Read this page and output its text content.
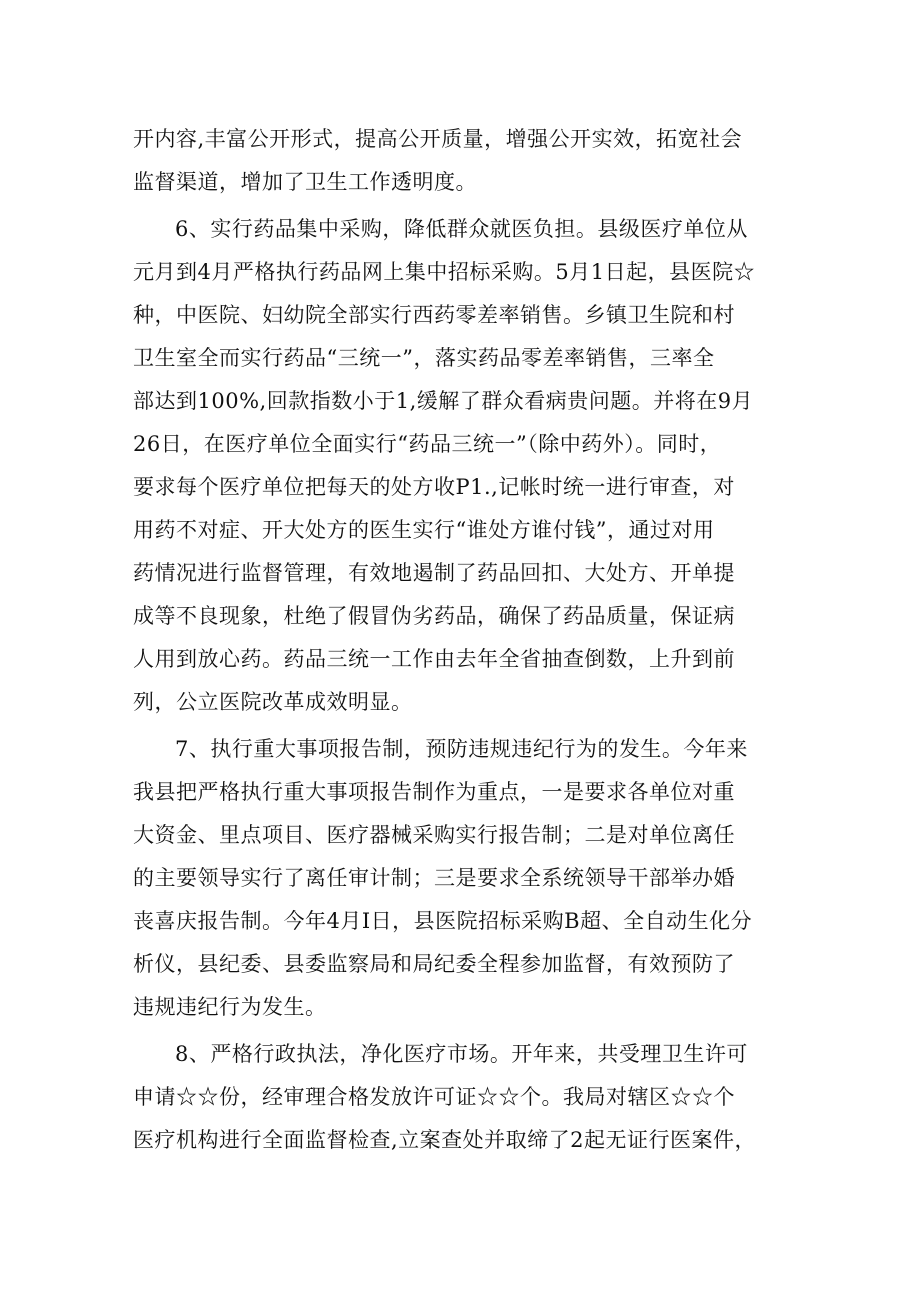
开内容,丰富公开形式，提高公开质量，增强公开实效，拓宽社会
监督渠道，增加了卫生工作透明度。
6、实行药品集中采购，降低群众就医负担。县级医疗单位从
元月到4月严格执行药品网上集中招标采购。5月1日起，县医院☆
种，中医院、妇幼院全部实行西药零差率销售。乡镇卫生院和村
卫生室全而实行药品“三统一”，落实药品零差率销售，三率全
部达到100%,回款指数小于1,缓解了群众看病贵问题。并将在9月
26日，在医疗单位全面实行“药品三统一”（除中药外）。同时，
要求每个医疗单位把每天的处方收P1.,记帐时统一进行审查，对
用药不对症、开大处方的医生实行“谁处方谁付钱”，通过对用
药情况进行监督管理，有效地遏制了药品回扣、大处方、开单提
成等不良现象，杜绝了假冒伪劣药品，确保了药品质量，保证病
人用到放心药。药品三统一工作由去年全省抽查倒数，上升到前
列，公立医院改革成效明显。
7、执行重大事项报告制，预防违规违纪行为的发生。今年来
我县把严格执行重大事项报告制作为重点，一是要求各单位对重
大资金、里点项目、医疗器械采购实行报告制；二是对单位离任
的主要领导实行了离任审计制；三是要求全系统领导干部举办婚
丧喜庆报告制。今年4月I日，县医院招标采购B超、全自动生化分
析仪，县纪委、县委监察局和局纪委全程参加监督，有效预防了
违规违纪行为发生。
8、严格行政执法，净化医疗市场。开年来，共受理卫生许可
申请☆☆份，经审理合格发放许可证☆☆个。我局对辖区☆☆个
医疗机构进行全面监督检查,立案查处并取缔了2起无证行医案件，
